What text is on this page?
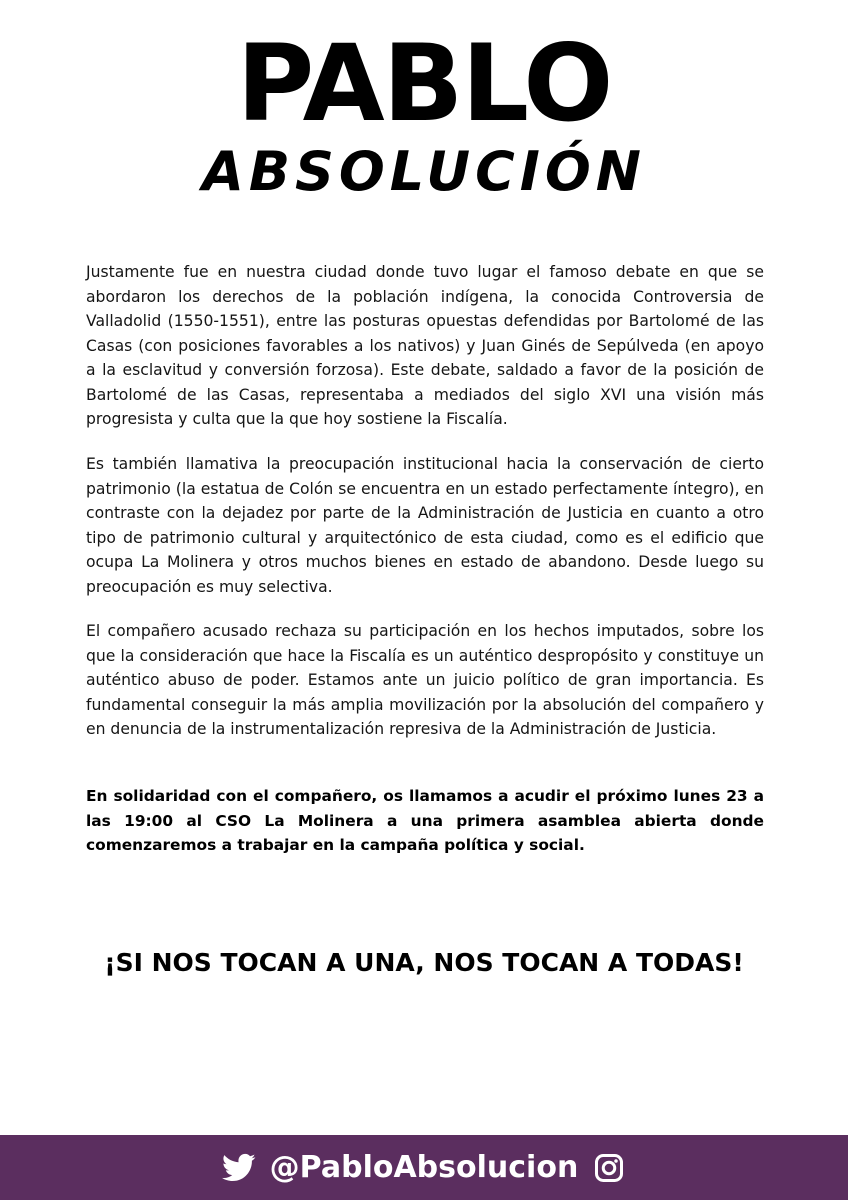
PABLO
ABSOLUCIÓN

Justamente fue en nuestra ciudad donde tuvo lugar el famoso debate en que se abordaron los derechos de la población indígena, la conocida Controversia de Valladolid (1550-1551), entre las posturas opuestas defendidas por Bartolomé de las Casas (con posiciones favorables a los nativos) y Juan Ginés de Sepúlveda (en apoyo a la esclavitud y conversión forzosa). Este debate, saldado a favor de la posición de Bartolomé de las Casas, representaba a mediados del siglo XVI una visión más progresista y culta que la que hoy sostiene la Fiscalía.

Es también llamativa la preocupación institucional hacia la conservación de cierto patrimonio (la estatua de Colón se encuentra en un estado perfectamente íntegro), en contraste con la dejadez por parte de la Administración de Justicia en cuanto a otro tipo de patrimonio cultural y arquitectónico de esta ciudad, como es el edificio que ocupa La Molinera y otros muchos bienes en estado de abandono. Desde luego su preocupación es muy selectiva.

El compañero acusado rechaza su participación en los hechos imputados, sobre los que la consideración que hace la Fiscalía es un auténtico despropósito y constituye un auténtico abuso de poder. Estamos ante un juicio político de gran importancia. Es fundamental conseguir la más amplia movilización por la absolución del compañero y en denuncia de la instrumentalización represiva de la Administración de Justicia.

En solidaridad con el compañero, os llamamos a acudir el próximo lunes 23 a las 19:00 al CSO La Molinera a una primera asamblea abierta donde comenzaremos a trabajar en la campaña política y social.

¡SI NOS TOCAN A UNA, NOS TOCAN A TODAS!

@PabloAbsolucion
